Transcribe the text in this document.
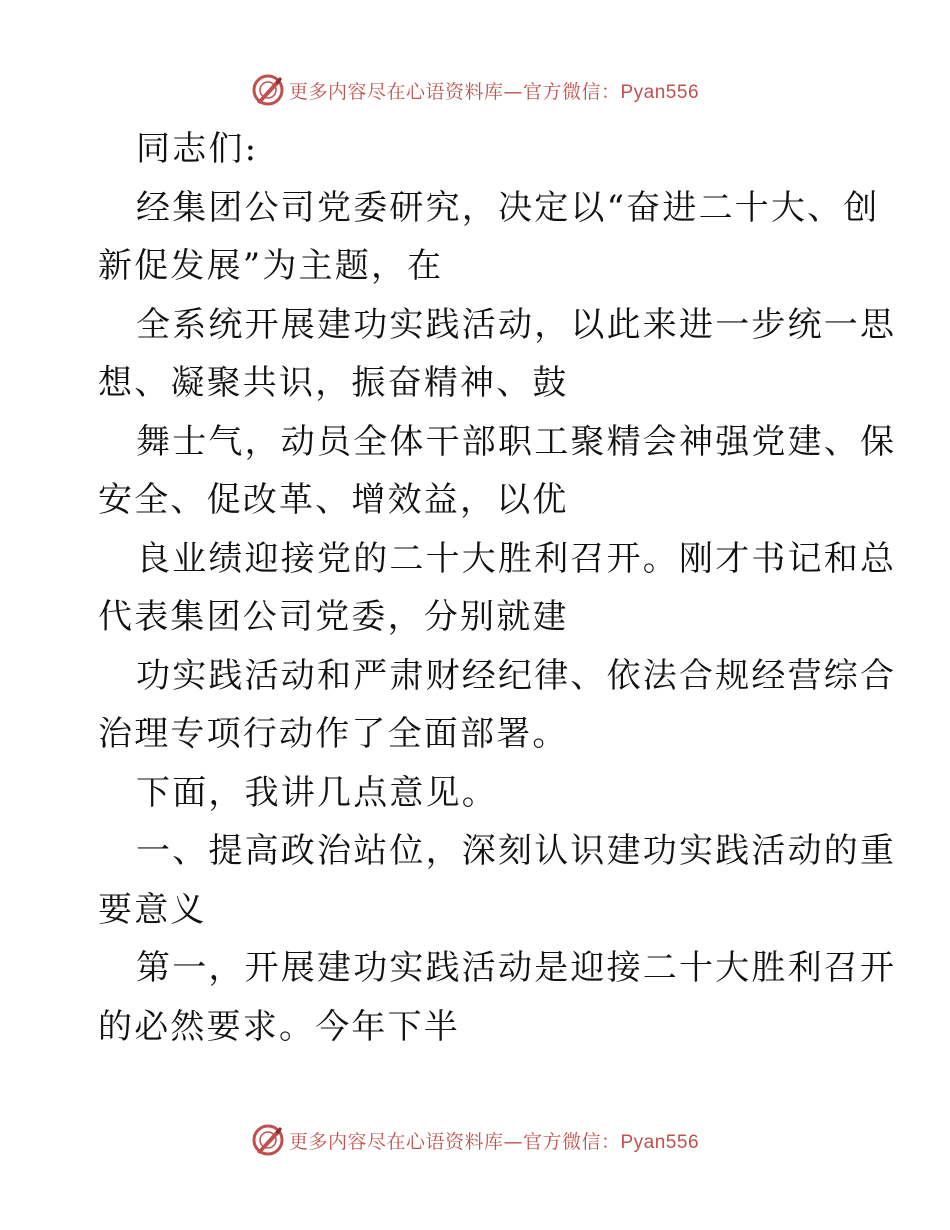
更多内容尽在心语资料库—官方微信：Pyan556
同志们:
经集团公司党委研究，决定以“奋进二十大、创
新促发展”为主题，在
全系统开展建功实践活动，以此来进一步统一思
想、凝聚共识，振奋精神、鼓
舞士气，动员全体干部职工聚精会神强党建、保
安全、促改革、增效益，以优
良业绩迎接党的二十大胜利召开。刚才书记和总
代表集团公司党委，分别就建
功实践活动和严肃财经纪律、依法合规经营综合
治理专项行动作了全面部署。
下面，我讲几点意见。
一、提高政治站位，深刻认识建功实践活动的重
要意义
第一，开展建功实践活动是迎接二十大胜利召开
的必然要求。今年下半
更多内容尽在心语资料库—官方微信：Pyan556
